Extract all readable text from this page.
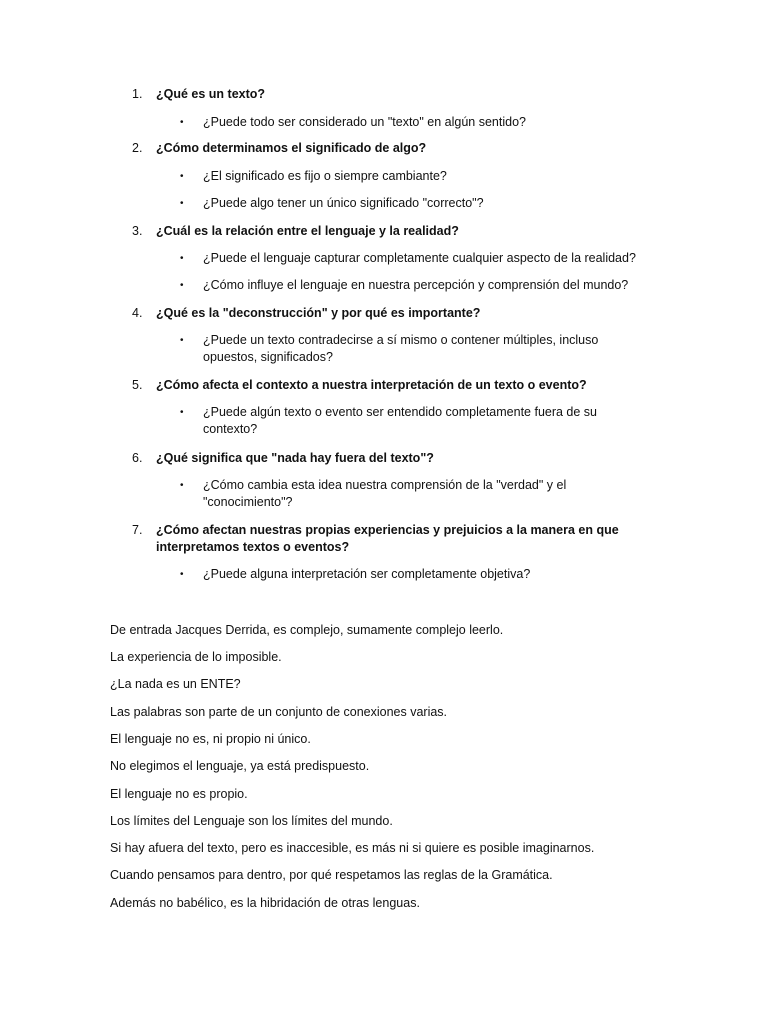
1. ¿Qué es un texto?
• ¿Puede todo ser considerado un "texto" en algún sentido?
2. ¿Cómo determinamos el significado de algo?
• ¿El significado es fijo o siempre cambiante?
• ¿Puede algo tener un único significado "correcto"?
3. ¿Cuál es la relación entre el lenguaje y la realidad?
• ¿Puede el lenguaje capturar completamente cualquier aspecto de la realidad?
• ¿Cómo influye el lenguaje en nuestra percepción y comprensión del mundo?
4. ¿Qué es la "deconstrucción" y por qué es importante?
• ¿Puede un texto contradecirse a sí mismo o contener múltiples, incluso opuestos, significados?
5. ¿Cómo afecta el contexto a nuestra interpretación de un texto o evento?
• ¿Puede algún texto o evento ser entendido completamente fuera de su contexto?
6. ¿Qué significa que "nada hay fuera del texto"?
• ¿Cómo cambia esta idea nuestra comprensión de la "verdad" y el "conocimiento"?
7. ¿Cómo afectan nuestras propias experiencias y prejuicios a la manera en que interpretamos textos o eventos?
• ¿Puede alguna interpretación ser completamente objetiva?
De entrada Jacques Derrida, es complejo, sumamente complejo leerlo.
La experiencia de lo imposible.
¿La nada es un ENTE?
Las palabras son parte de un conjunto de conexiones varias.
El lenguaje no es, ni propio ni único.
No elegimos el lenguaje, ya está predispuesto.
El lenguaje no es propio.
Los límites del Lenguaje son los límites del mundo.
Si hay afuera del texto, pero es inaccesible, es más ni si quiere es posible imaginarnos.
Cuando pensamos para dentro, por qué respetamos las reglas de la Gramática.
Además no babélico, es la hibridación de otras lenguas.
